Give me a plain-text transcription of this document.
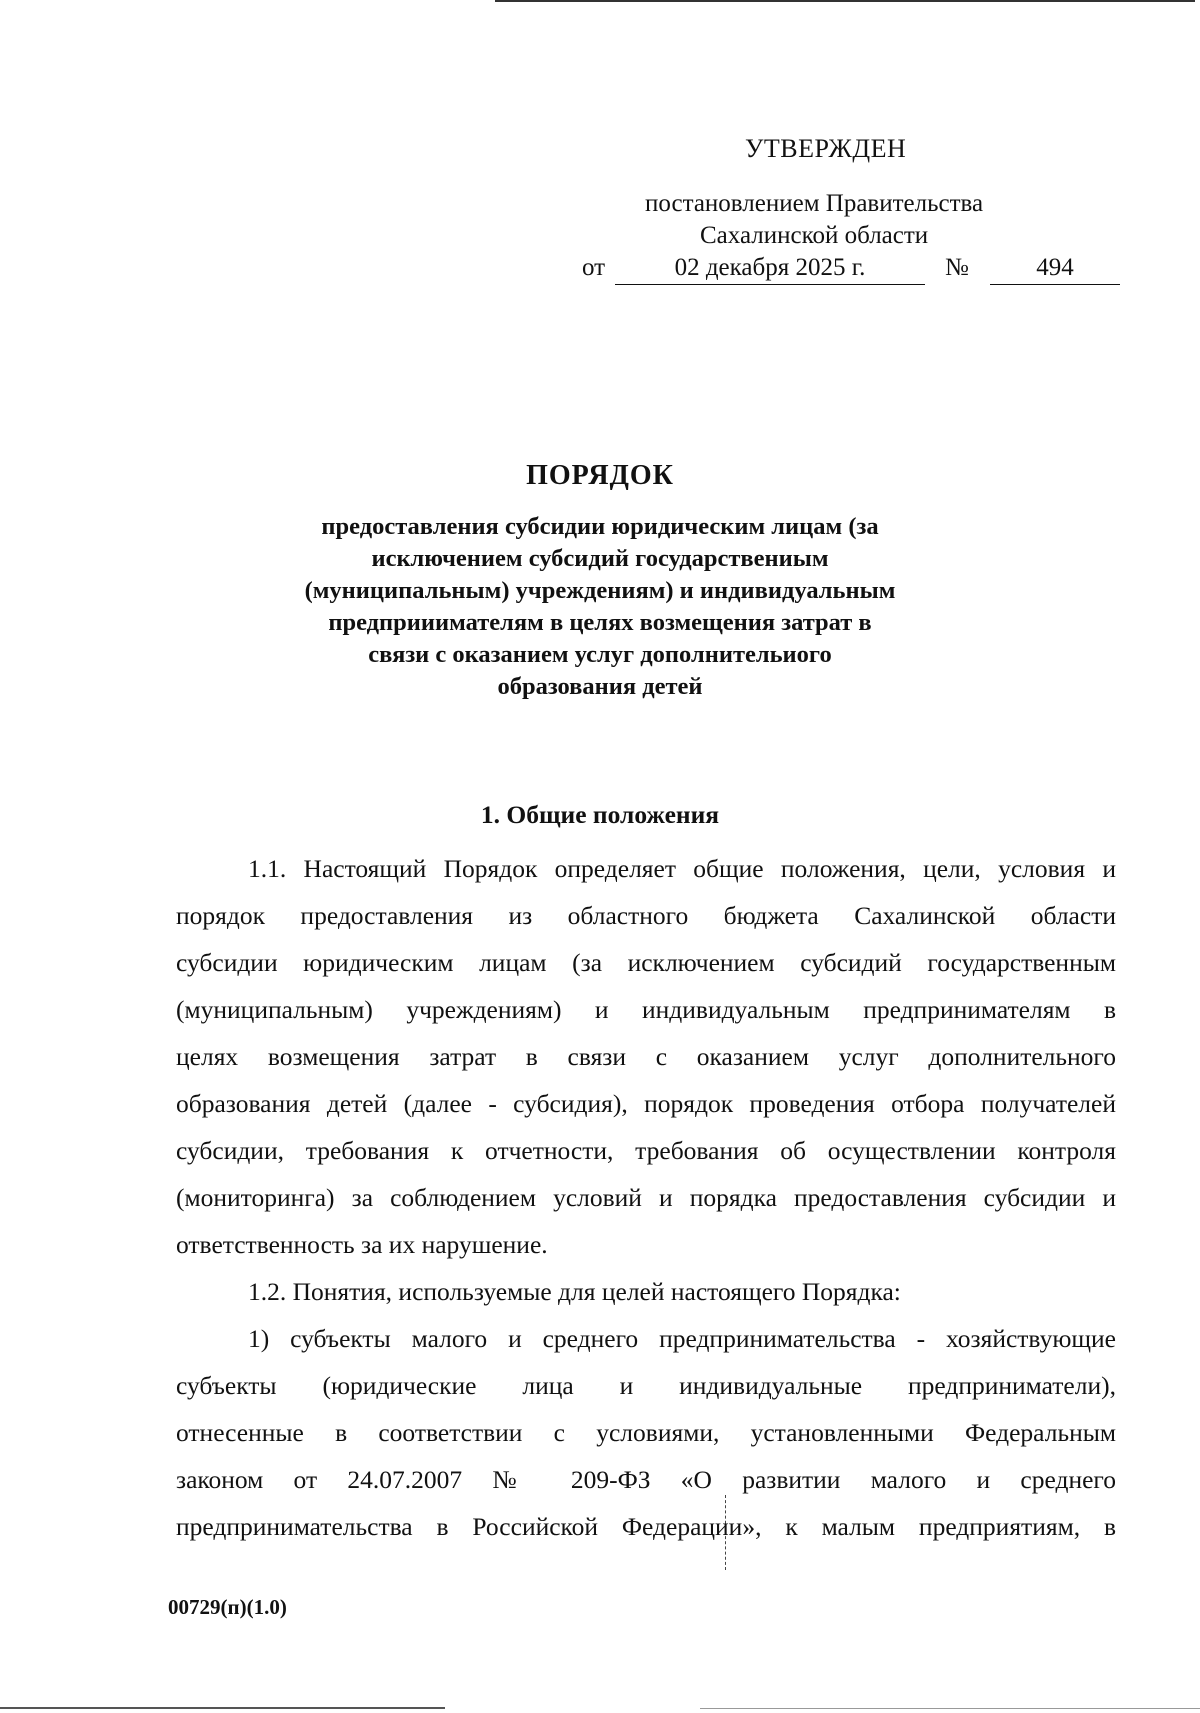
УТВЕРЖДЕН
постановлением Правительства
Сахалинской области
от	02 декабря 2025 г.	№	494
ПОРЯДОК
предоставления субсидии юридическим лицам (за
исключением субсидий государствениым
(муниципальным) учреждениям) и индивидуальным
предприиимателям в целях возмещения затрат в
связи с оказанием услуг дополнительиого
образования детей
1. Общие положения
1.1. Настоящий Порядок определяет общие положения, цели, условия и
порядок предоставления из областного бюджета Сахалинской области
субсидии юридическим лицам (за исключением субсидий государственным
(муниципальным) учреждениям) и индивидуальным предпринимателям в
целях возмещения затрат в связи с оказанием услуг дополнительного
образования детей (далее - субсидия), порядок проведения отбора получателей
субсидии, требования к отчетности, требования об осуществлении контроля
(мониторинга) за соблюдением условий и порядка предоставления субсидии и
ответственность за их нарушение.
1.2. Понятия, используемые для целей настоящего Порядка:
1) субъекты малого и среднего предпринимательства - хозяйствующие
субъекты (юридические лица и индивидуальные предприниматели),
отнесенные в соответствии с условиями, установленными Федеральным
законом от 24.07.2007 № 209-ФЗ «О развитии малого и среднего
предпринимательства в Российской Федерации», к малым предприятиям, в
00729(п)(1.0)
